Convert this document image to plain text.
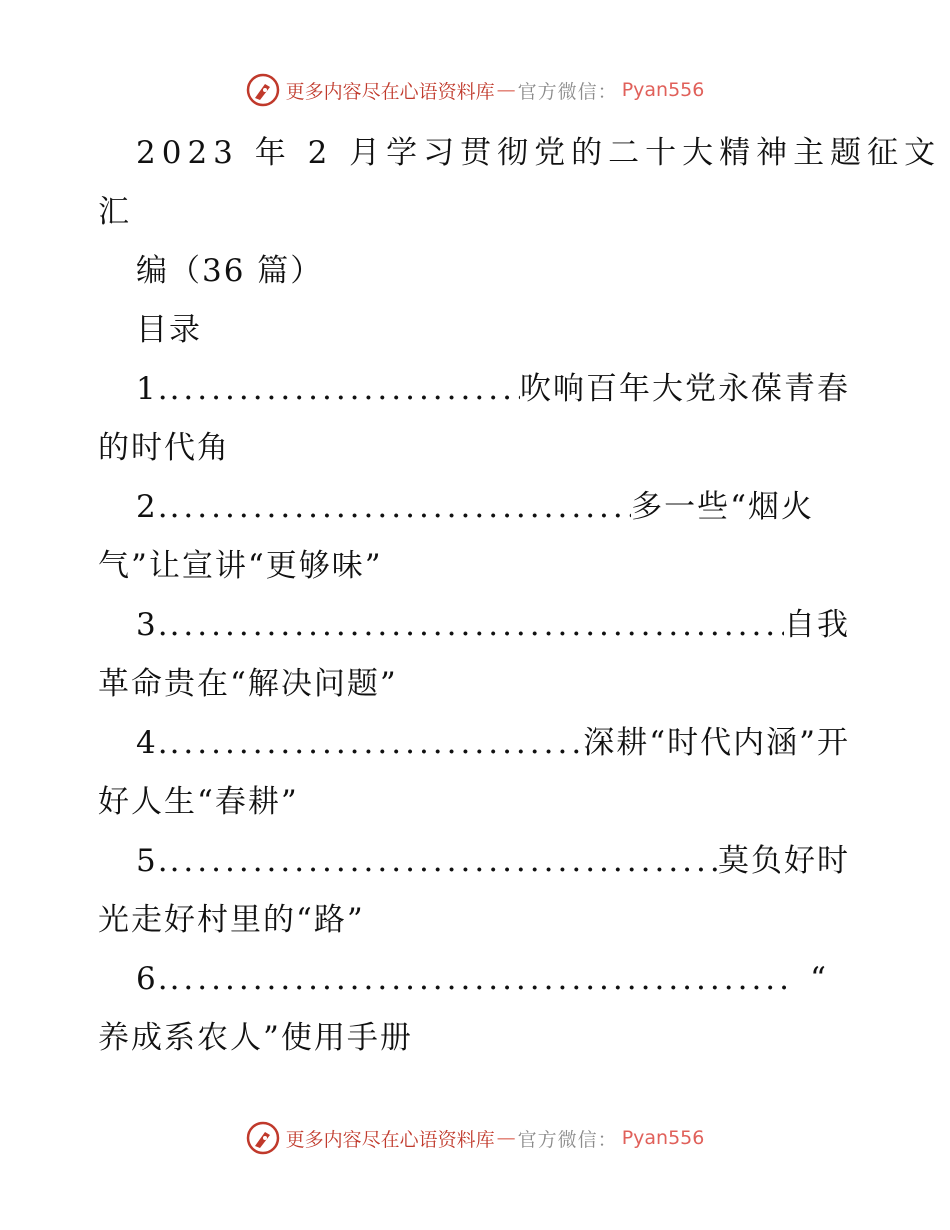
更多内容尽在心语资料库 — 官方微信： Pyan556
2023 年 2 月学习贯彻党的二十大精神主题征文
汇
编（36 篇）
目录
1. .....	吹响百年大党永葆青春
的时代角
2. .....	多一些“烟火
气”让宣讲“更够味”
3. .....	自我
革命贵在“解决问题”
4. .....	深耕“时代内涵”开
好人生“春耕”
5. .....	莫负好时
光走好村里的“路”
6. .....	“
养成系农人”使用手册
更多内容尽在心语资料库 — 官方微信： Pyan556
